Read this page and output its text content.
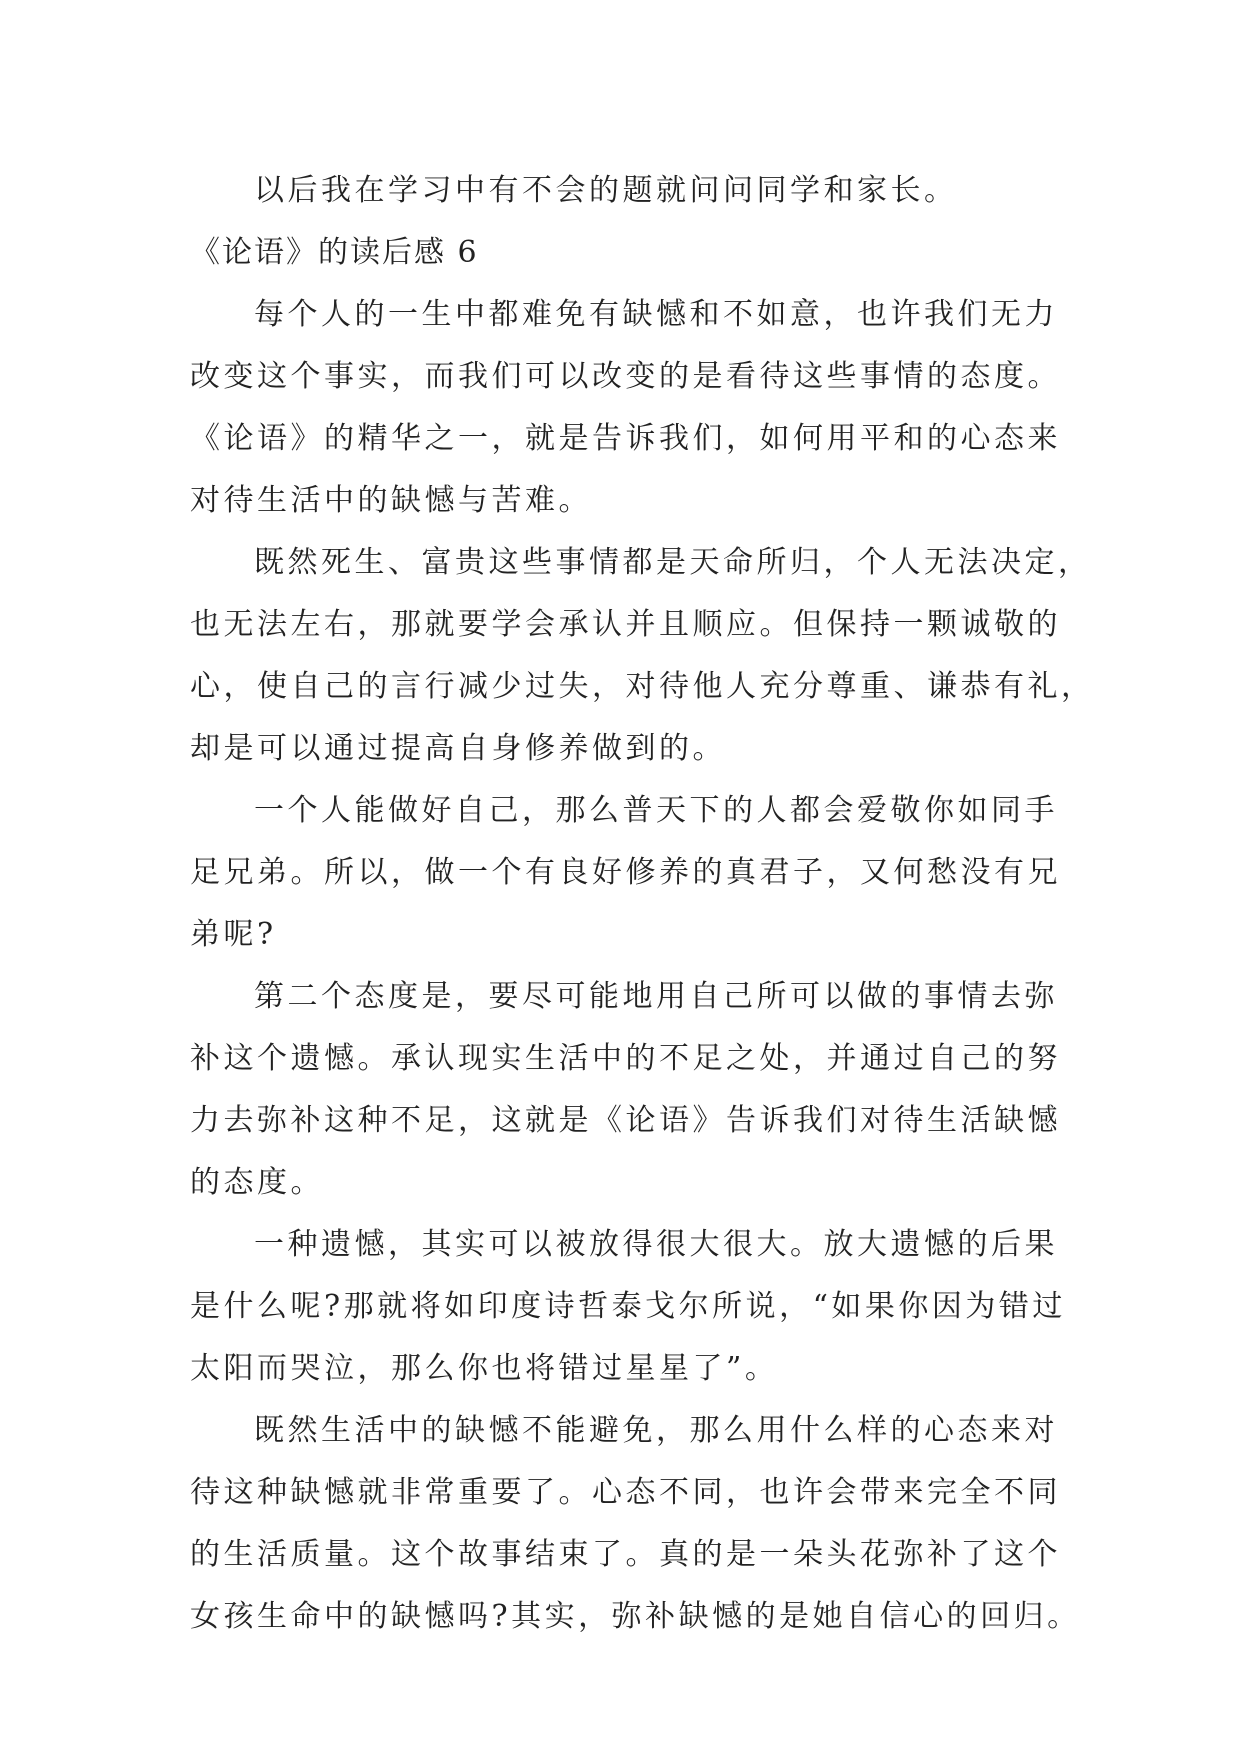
以后我在学习中有不会的题就问问同学和家长。

《论语》的读后感 6

每个人的一生中都难免有缺憾和不如意，也许我们无力
改变这个事实，而我们可以改变的是看待这些事情的态度。
《论语》的精华之一，就是告诉我们，如何用平和的心态来
对待生活中的缺憾与苦难。

既然死生、富贵这些事情都是天命所归，个人无法决定，
也无法左右，那就要学会承认并且顺应。但保持一颗诚敬的
心，使自己的言行减少过失，对待他人充分尊重、谦恭有礼，
却是可以通过提高自身修养做到的。

一个人能做好自己，那么普天下的人都会爱敬你如同手
足兄弟。所以，做一个有良好修养的真君子，又何愁没有兄
弟呢?

第二个态度是，要尽可能地用自己所可以做的事情去弥
补这个遗憾。承认现实生活中的不足之处，并通过自己的努
力去弥补这种不足，这就是《论语》告诉我们对待生活缺憾
的态度。

一种遗憾，其实可以被放得很大很大。放大遗憾的后果
是什么呢?那就将如印度诗哲泰戈尔所说，“如果你因为错过
太阳而哭泣，那么你也将错过星星了”。

既然生活中的缺憾不能避免，那么用什么样的心态来对
待这种缺憾就非常重要了。心态不同，也许会带来完全不同
的生活质量。这个故事结束了。真的是一朵头花弥补了这个
女孩生命中的缺憾吗?其实，弥补缺憾的是她自信心的回归。
